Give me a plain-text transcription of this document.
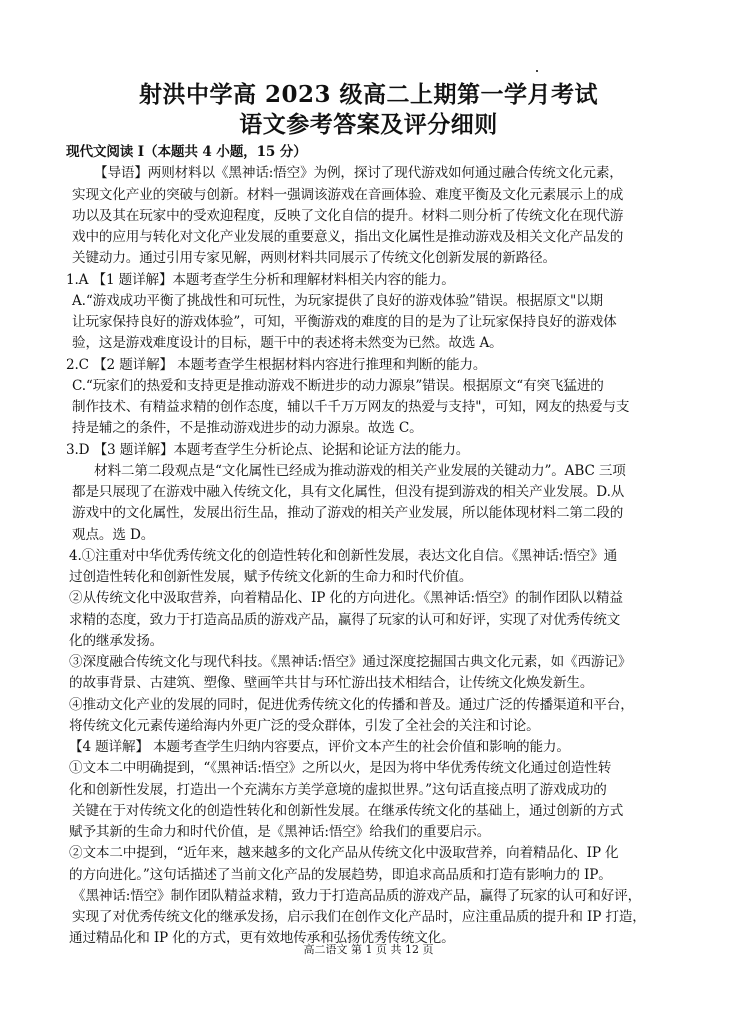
射洪中学高 2023 级高二上期第一学月考试
语文参考答案及评分细则
现代文阅读 I（本题共 4 小题，15 分）
【导语】两则材料以《黑神话:悟空》为例，探讨了现代游戏如何通过融合传统文化元素，
实现文化产业的突破与创新。材料一强调该游戏在音画体验、难度平衡及文化元素展示上的成
功以及其在玩家中的受欢迎程度，反映了文化自信的提升。材料二则分析了传统文化在现代游
戏中的应用与转化对文化产业发展的重要意义，指出文化属性是推动游戏及相关文化产品发的
关键动力。通过引用专家见解，两则材料共同展示了传统文化创新发展的新路径。
1.A 【1 题详解】本题考查学生分析和理解材料相关内容的能力。
A.“游戏成功平衡了挑战性和可玩性，为玩家提供了良好的游戏体验”错误。根据原文"以期
让玩家保持良好的游戏体验”，可知，平衡游戏的难度的目的是为了让玩家保持良好的游戏体
验，这是游戏难度设计的目标，题干中的表述将未然变为已然。故选 A。
2.C 【2 题详解】 本题考查学生根据材料内容进行推理和判断的能力。
C.“玩家们的热爱和支持更是推动游戏不断进步的动力源泉”错误。根据原文“有突飞猛进的
制作技术、有精益求精的创作态度，辅以千千万万网友的热爱与支持"，可知，网友的热爱与支
持是辅之的条件，不是推动游戏进步的动力源泉。故选 C。
3.D 【3 题详解】本题考查学生分析论点、论据和论证方法的能力。
材料二第二段观点是“文化属性已经成为推动游戏的相关产业发展的关键动力”。ABC 三项
都是只展现了在游戏中融入传统文化，具有文化属性，但没有提到游戏的相关产业发展。D.从
游戏中的文化属性，发展出衍生品，推动了游戏的相关产业发展，所以能体现材料二第二段的
观点。选 D。
4.①注重对中华优秀传统文化的创造性转化和创新性发展，表达文化自信。《黑神话:悟空》通
过创造性转化和创新性发展，赋予传统文化新的生命力和时代价值。
②从传统文化中汲取营养，向着精品化、IP 化的方向进化。《黑神话:悟空》的制作团队以精益
求精的态度，致力于打造高品质的游戏产品，赢得了玩家的认可和好评，实现了对优秀传统文
化的继承发扬。
③深度融合传统文化与现代科技。《黑神话:悟空》通过深度挖掘国古典文化元素，如《西游记》
的故事背景、古建筑、塑像、壁画竿共甘与环忙游出技术相结合，让传统文化焕发新生。
④推动文化产业的发展的同时，促进优秀传统文化的传播和普及。通过广泛的传播渠道和平台，
将传统文化元素传递给海内外更广泛的受众群体，引发了全社会的关注和讨论。
【4 题详解】 本题考查学生归纳内容要点，评价文本产生的社会价值和影响的能力。
①文本二中明确提到，“《黑神话:悟空》之所以火，是因为将中华优秀传统文化通过创造性转
化和创新性发展，打造出一个充满东方美学意境的虚拟世界。”这句话直接点明了游戏成功的
关键在于对传统文化的创造性转化和创新性发展。在继承传统文化的基础上，通过创新的方式
赋予其新的生命力和时代价值，是《黑神话:悟空》给我们的重要启示。
②文本二中提到，“近年来，越来越多的文化产品从传统文化中汲取营养，向着精品化、IP 化
的方向进化。”这句话描述了当前文化产品的发展趋势，即追求高品质和打造有影响力的 IP。
《黑神话:悟空》制作团队精益求精，致力于打造高品质的游戏产品，赢得了玩家的认可和好评，
实现了对优秀传统文化的继承发扬，启示我们在创作文化产品时，应注重品质的提升和 IP 打造，
通过精品化和 IP 化的方式，更有效地传承和弘扬优秀传统文化。
高二语文 第 1 页 共 12 页
